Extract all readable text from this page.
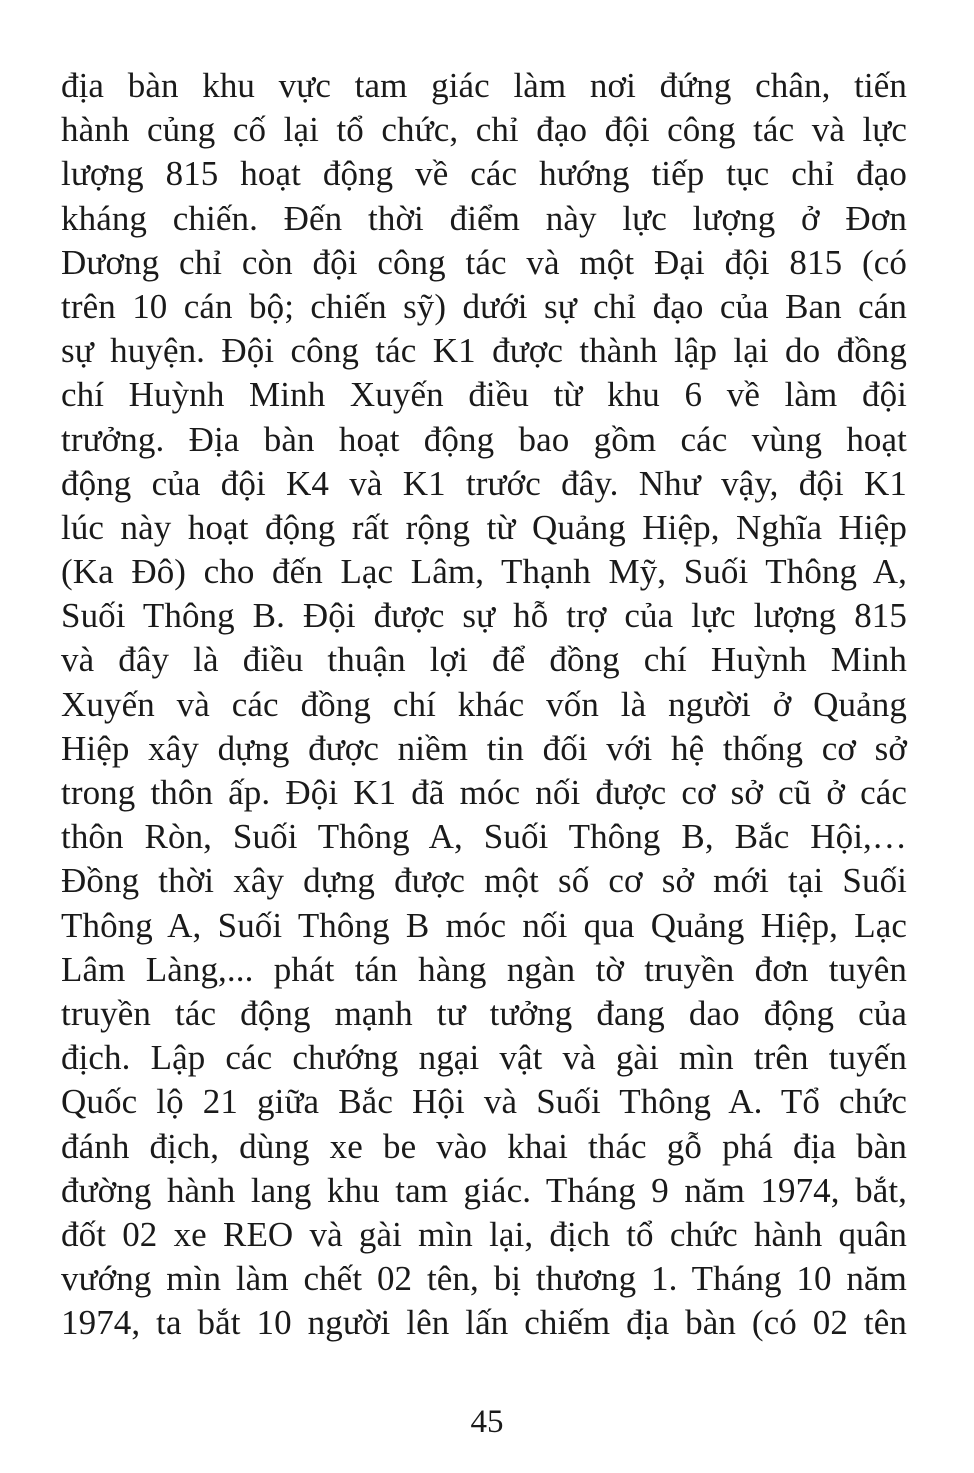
địa bàn khu vực tam giác làm nơi đứng chân, tiến
hành củng cố lại tổ chức, chỉ đạo đội công tác và lực
lượng 815 hoạt động về các hướng tiếp tục chỉ đạo
kháng chiến. Đến thời điểm này lực lượng ở Đơn
Dương chỉ còn đội công tác và một Đại đội 815 (có
trên 10 cán bộ; chiến sỹ) dưới sự chỉ đạo của Ban cán
sự huyện. Đội công tác K1 được thành lập lại do đồng
chí Huỳnh Minh Xuyến điều từ khu 6 về làm đội
trưởng. Địa bàn hoạt động bao gồm các vùng hoạt
động của đội K4 và K1 trước đây. Như vậy, đội K1
lúc này hoạt động rất rộng từ Quảng Hiệp, Nghĩa Hiệp
(Ka Đô) cho đến Lạc Lâm, Thạnh Mỹ, Suối Thông A,
Suối Thông B. Đội được sự hỗ trợ của lực lượng 815
và đây là điều thuận lợi để đồng chí Huỳnh Minh
Xuyến và các đồng chí khác vốn là người ở Quảng
Hiệp xây dựng được niềm tin đối với hệ thống cơ sở
trong thôn ấp. Đội K1 đã móc nối được cơ sở cũ ở các
thôn Ròn, Suối Thông A, Suối Thông B, Bắc Hội,…
Đồng thời xây dựng được một số cơ sở mới tại Suối
Thông A, Suối Thông B móc nối qua Quảng Hiệp, Lạc
Lâm Làng,... phát tán hàng ngàn tờ truyền đơn tuyên
truyền tác động mạnh tư tưởng đang dao động của
địch. Lập các chướng ngại vật và gài mìn trên tuyến
Quốc lộ 21 giữa Bắc Hội và Suối Thông A. Tổ chức
đánh địch, dùng xe be vào khai thác gỗ phá địa bàn
đường hành lang khu tam giác. Tháng 9 năm 1974, bắt,
đốt 02 xe REO và gài mìn lại, địch tổ chức hành quân
vướng mìn làm chết 02 tên, bị thương 1. Tháng 10 năm
1974, ta bắt 10 người lên lấn chiếm địa bàn (có 02 tên
45
